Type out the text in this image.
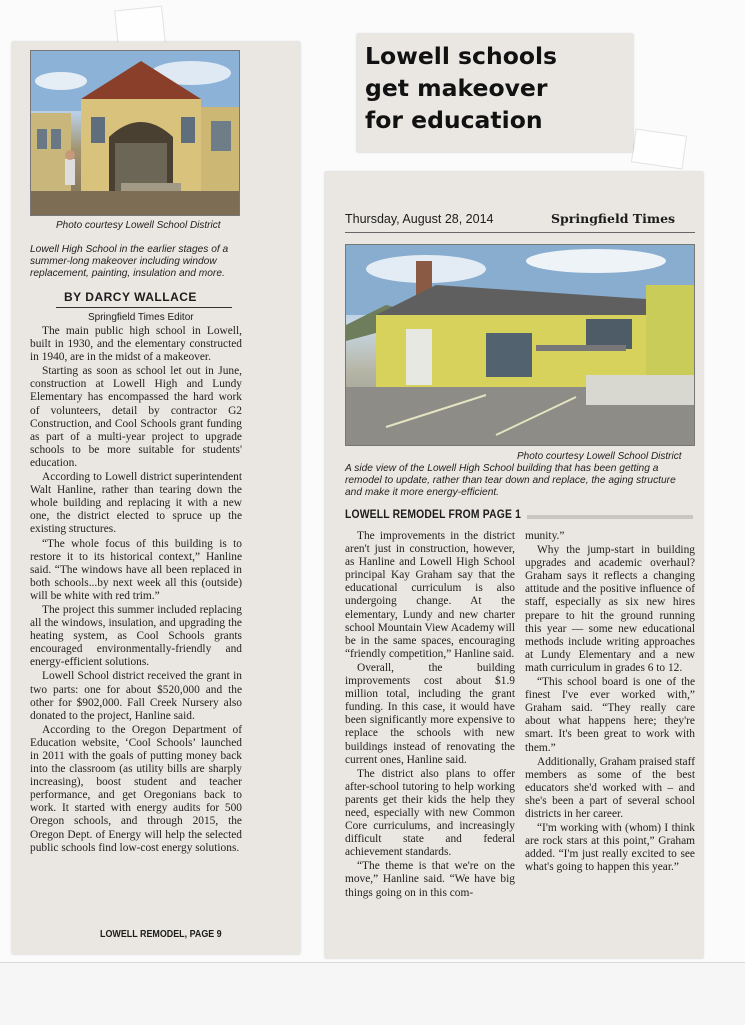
Photo courtesy Lowell School District
Lowell High School in the earlier stages of a summer-long makeover including window replacement, painting, insulation and more.
BY DARCY WALLACE
Springfield Times Editor

The main public high school in Lowell, built in 1930, and the elementary constructed in 1940, are in the midst of a makeover.

Starting as soon as school let out in June, construction at Lowell High and Lundy Elementary has encompassed the hard work of volunteers, detail by contractor G2 Construction, and Cool Schools grant funding as part of a multi-year project to upgrade schools to be more suitable for students' education.

According to Lowell district superintendent Walt Hanline, rather than tearing down the whole building and replacing it with a new one, the district elected to spruce up the existing structures.

“The whole focus of this building is to restore it to its historical context,” Hanline said. “The windows have all been replaced in both schools...by next week all this (outside) will be white with red trim.”

The project this summer included replacing all the windows, insulation, and upgrading the heating system, as Cool Schools grants encouraged environmentally-friendly and energy-efficient solutions.

Lowell School district received the grant in two parts: one for about $520,000 and the other for $902,000. Fall Creek Nursery also donated to the project, Hanline said.

According to the Oregon Department of Education website, ‘Cool Schools’ launched in 2011 with the goals of putting money back into the classroom (as utility bills are sharply increasing), boost student and teacher performance, and get Oregonians back to work. It started with energy audits for 500 Oregon schools, and through 2015, the Oregon Dept. of Energy will help the selected public schools find low-cost energy solutions.

LOWELL REMODEL, PAGE 9
Lowell schools
get makeover
for education
Thursday, August 28, 2014	Springfield Times
Photo courtesy Lowell School District
A side view of the Lowell High School building that has been getting a remodel to update, rather than tear down and replace, the aging structure and make it more energy-efficient.
LOWELL REMODEL FROM PAGE 1

The improvements in the district aren't just in construction, however, as Hanline and Lowell High School principal Kay Graham say that the educational curriculum is also undergoing change. At the elementary, Lundy and new charter school Mountain View Academy will be in the same spaces, encouraging “friendly competition,” Hanline said.

Overall, the building improvements cost about $1.9 million total, including the grant funding. In this case, it would have been significantly more expensive to replace the schools with new buildings instead of renovating the current ones, Hanline said.

The district also plans to offer after-school tutoring to help working parents get their kids the help they need, especially with new Common Core curriculums, and increasingly difficult state and federal achievement standards.

“The theme is that we're on the move,” Hanline said. “We have big things going on in this com-

munity.”

Why the jump-start in building upgrades and academic overhaul? Graham says it reflects a changing attitude and the positive influence of staff, especially as six new hires prepare to hit the ground running this year — some new educational methods include writing approaches at Lundy Elementary and a new math curriculum in grades 6 to 12.

“This school board is one of the finest I've ever worked with,” Graham said. “They really care about what happens here; they're smart. It's been great to work with them.”

Additionally, Graham praised staff members as some of the best educators she'd worked with – and she's been a part of several school districts in her career.

“I'm working with (whom) I think are rock stars at this point,” Graham added. “I'm just really excited to see what's going to happen this year.”
